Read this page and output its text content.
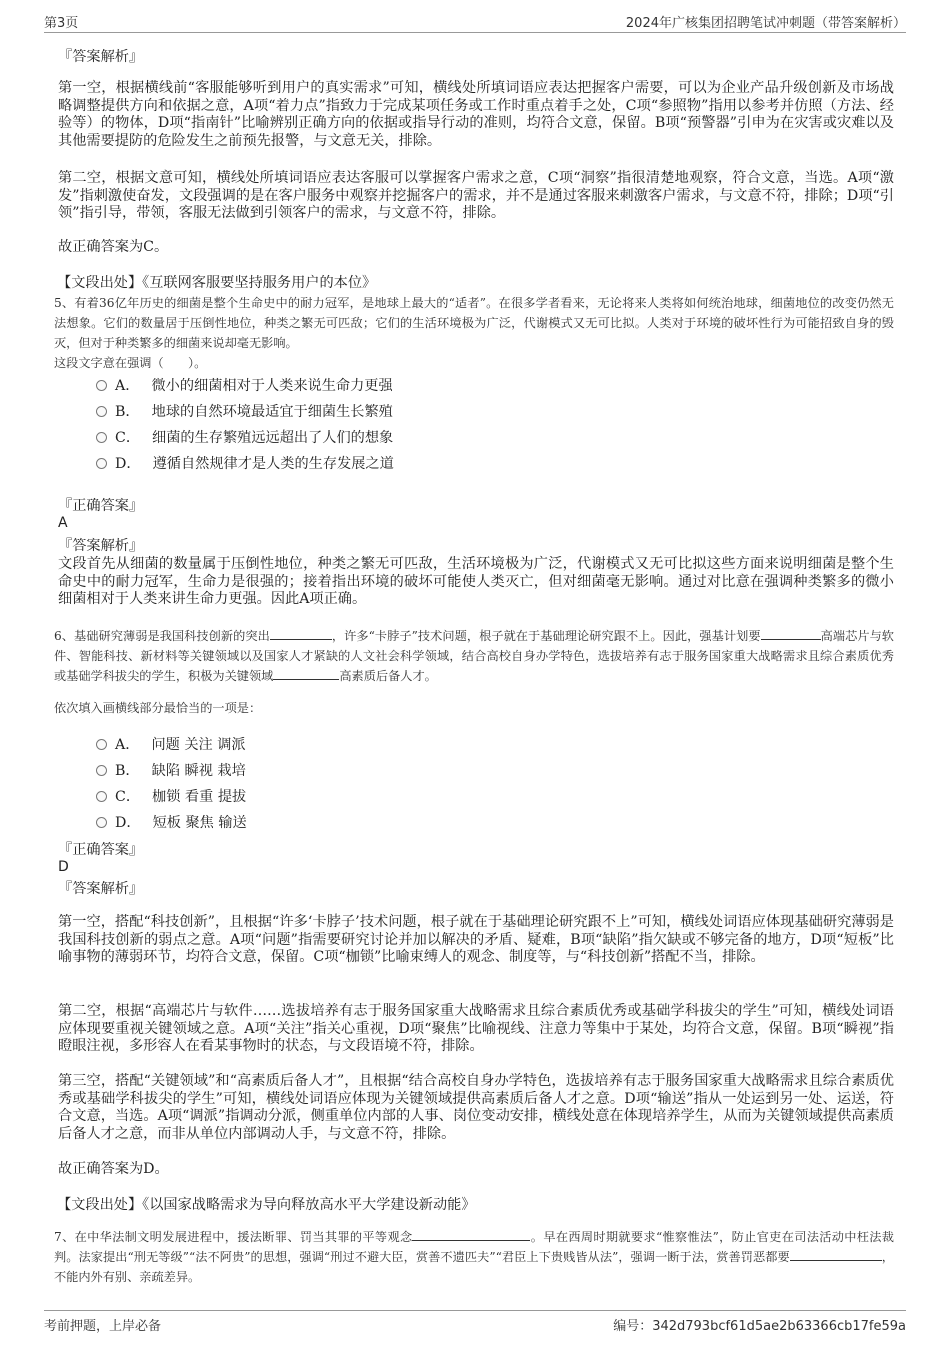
第3页	2024年广核集团招聘笔试冲刺题（带答案解析）
『答案解析』
第一空，根据横线前“客服能够听到用户的真实需求”可知，横线处所填词语应表达把握客户需要，可以为企业产品升级创新及市场战略调整提供方向和依据之意，A项“着力点”指致力于完成某项任务或工作时重点着手之处，C项“参照物”指用以参考并仿照（方法、经验等）的物体，D项“指南针”比喻辨别正确方向的依据或指导行动的准则，均符合文意，保留。B项“预警器”引申为在灾害或灾难以及其他需要提防的危险发生之前预先报警，与文意无关，排除。
第二空，根据文意可知，横线处所填词语应表达客服可以掌握客户需求之意，C项“洞察”指很清楚地观察，符合文意，当选。A项“激发”指刺激使奋发，文段强调的是在客户服务中观察并挖掘客户的需求，并不是通过客服来刺激客户需求，与文意不符，排除；D项“引领”指引导，带领，客服无法做到引领客户的需求，与文意不符，排除。
故正确答案为C。
【文段出处】《互联网客服要坚持服务用户的本位》
5、有着36亿年历史的细菌是整个生命史中的耐力冠军，是地球上最大的“适者”。在很多学者看来，无论将来人类将如何统治地球，细菌地位的改变仍然无法想象。它们的数量居于压倒性地位，种类之繁无可匹敌；它们的生活环境极为广泛，代谢模式又无可比拟。人类对于环境的破坏性行为可能招致自身的毁灭，但对于种类繁多的细菌来说却毫无影响。
这段文字意在强调（　　）。
A． 微小的细菌相对于人类来说生命力更强
B． 地球的自然环境最适宜于细菌生长繁殖
C． 细菌的生存繁殖远远超出了人们的想象
D． 遵循自然规律才是人类的生存发展之道
『正确答案』
A
『答案解析』
文段首先从细菌的数量属于压倒性地位，种类之繁无可匹敌，生活环境极为广泛，代谢模式又无可比拟这些方面来说明细菌是整个生命史中的耐力冠军，生命力是很强的；接着指出环境的破坏可能使人类灭亡，但对细菌毫无影响。通过对比意在强调种类繁多的微小细菌相对于人类来讲生命力更强。因此A项正确。
6、基础研究薄弱是我国科技创新的突出	，许多“卡脖子”技术问题，根子就在于基础理论研究跟不上。因此，强基计划要	高端芯片与软件、智能科技、新材料等关键领域以及国家人才紧缺的人文社会科学领域，结合高校自身办学特色，选拔培养有志于服务国家重大战略需求且综合素质优秀或基础学科拔尖的学生，积极为关键领域	高素质后备人才。
依次填入画横线部分最恰当的一项是：
A． 问题 关注 调派
B． 缺陷 瞬视 栽培
C． 枷锁 看重 提拔
D． 短板 聚焦 输送
『正确答案』
D
『答案解析』
第一空，搭配“科技创新”，且根据“许多‘卡脖子’技术问题，根子就在于基础理论研究跟不上”可知，横线处词语应体现基础研究薄弱是我国科技创新的弱点之意。A项“问题”指需要研究讨论并加以解决的矛盾、疑难，B项“缺陷”指欠缺或不够完备的地方，D项“短板”比喻事物的薄弱环节，均符合文意，保留。C项“枷锁”比喻束缚人的观念、制度等，与“科技创新”搭配不当，排除。
第二空，根据“高端芯片与软件……选拔培养有志于服务国家重大战略需求且综合素质优秀或基础学科拔尖的学生”可知，横线处词语应体现要重视关键领域之意。A项“关注”指关心重视，D项“聚焦”比喻视线、注意力等集中于某处，均符合文意，保留。B项“瞬视”指瞪眼注视，多形容人在看某事物时的状态，与文段语境不符，排除。
第三空，搭配“关键领域”和“高素质后备人才”，且根据“结合高校自身办学特色，选拔培养有志于服务国家重大战略需求且综合素质优秀或基础学科拔尖的学生”可知，横线处词语应体现为关键领域提供高素质后备人才之意。D项“输送”指从一处运到另一处、运送，符合文意，当选。A项“调派”指调动分派，侧重单位内部的人事、岗位变动安排，横线处意在体现培养学生，从而为关键领域提供高素质后备人才之意，而非从单位内部调动人手，与文意不符，排除。
故正确答案为D。
【文段出处】《以国家战略需求为导向释放高水平大学建设新动能》
7、在中华法制文明发展进程中，援法断罪、罚当其罪的平等观念	。早在西周时期就要求“惟察惟法”，防止官吏在司法活动中枉法裁判。法家提出“刑无等级”“法不阿贵”的思想，强调“刑过不避大臣，赏善不遗匹夫”“君臣上下贵贱皆从法”，强调一断于法，赏善罚恶都要	，不能内外有别、亲疏差异。
考前押题，上岸必备	编号：342d793bcf61d5ae2b63366cb17fe59a
